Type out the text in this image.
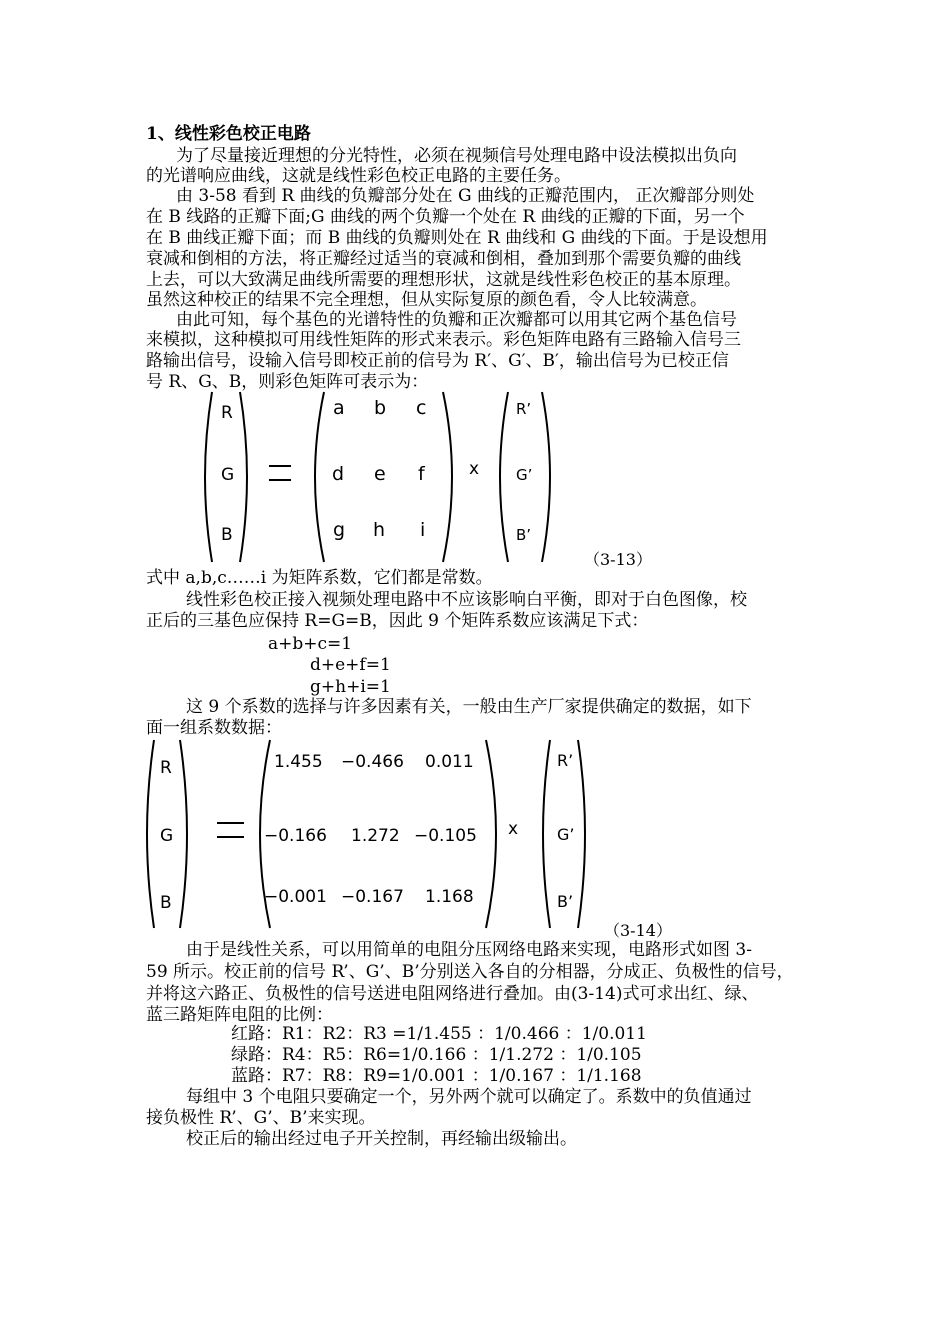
1、线性彩色校正电路
为了尽量接近理想的分光特性，必须在视频信号处理电路中设法模拟出负向
的光谱响应曲线，这就是线性彩色校正电路的主要任务。
由 3-58 看到 R 曲线的负瓣部分处在 G 曲线的正瓣范围内， 正次瓣部分则处
在 B 线路的正瓣下面;G 曲线的两个负瓣一个处在 R 曲线的正瓣的下面，另一个
在 B 曲线正瓣下面；而 B 曲线的负瓣则处在 R 曲线和 G 曲线的下面。于是设想用
衰减和倒相的方法，将正瓣经过适当的衰减和倒相，叠加到那个需要负瓣的曲线
上去，可以大致满足曲线所需要的理想形状，这就是线性彩色校正的基本原理。
虽然这种校正的结果不完全理想，但从实际复原的颜色看，令人比较满意。
由此可知，每个基色的光谱特性的负瓣和正次瓣都可以用其它两个基色信号
来模拟，这种模拟可用线性矩阵的形式来表示。彩色矩阵电路有三路输入信号三
路输出信号，设输入信号即校正前的信号为 R′、G′、B′，输出信号为已校正信
号 R、G、B，则彩色矩阵可表示为：
R
G
B
a b c
d e f
g h i
x
R’
G’
B’
（3-13）
式中 a,b,c……i 为矩阵系数，它们都是常数。
线性彩色校正接入视频处理电路中不应该影响白平衡，即对于白色图像，校
正后的三基色应保持 R=G=B，因此 9 个矩阵系数应该满足下式：
a+b+c=1
d+e+f=1
g+h+i=1
这 9 个系数的选择与许多因素有关，一般由生产厂家提供确定的数据，如下
面一组系数数据：
R
G
B
1.455 −0.466 0.011
−0.166 1.272 −0.105
−0.001 −0.167 1.168
x
R’
G’
B’
（3-14）
由于是线性关系，可以用简单的电阻分压网络电路来实现，电路形式如图 3-
59 所示。校正前的信号 R’、G’、B’分别送入各自的分相器，分成正、负极性的信号，
并将这六路正、负极性的信号送进电阻网络进行叠加。由(3-14)式可求出红、绿、
蓝三路矩阵电阻的比例：
红路：R1：R2：R3 =1/1.455 ：1/0.466 ：1/0.011
绿路：R4：R5：R6=1/0.166 ：1/1.272 ：1/0.105
蓝路：R7：R8：R9=1/0.001 ：1/0.167 ：1/1.168
每组中 3 个电阻只要确定一个，另外两个就可以确定了。系数中的负值通过
接负极性 R’、G’、B’来实现。
校正后的输出经过电子开关控制，再经输出级输出。
